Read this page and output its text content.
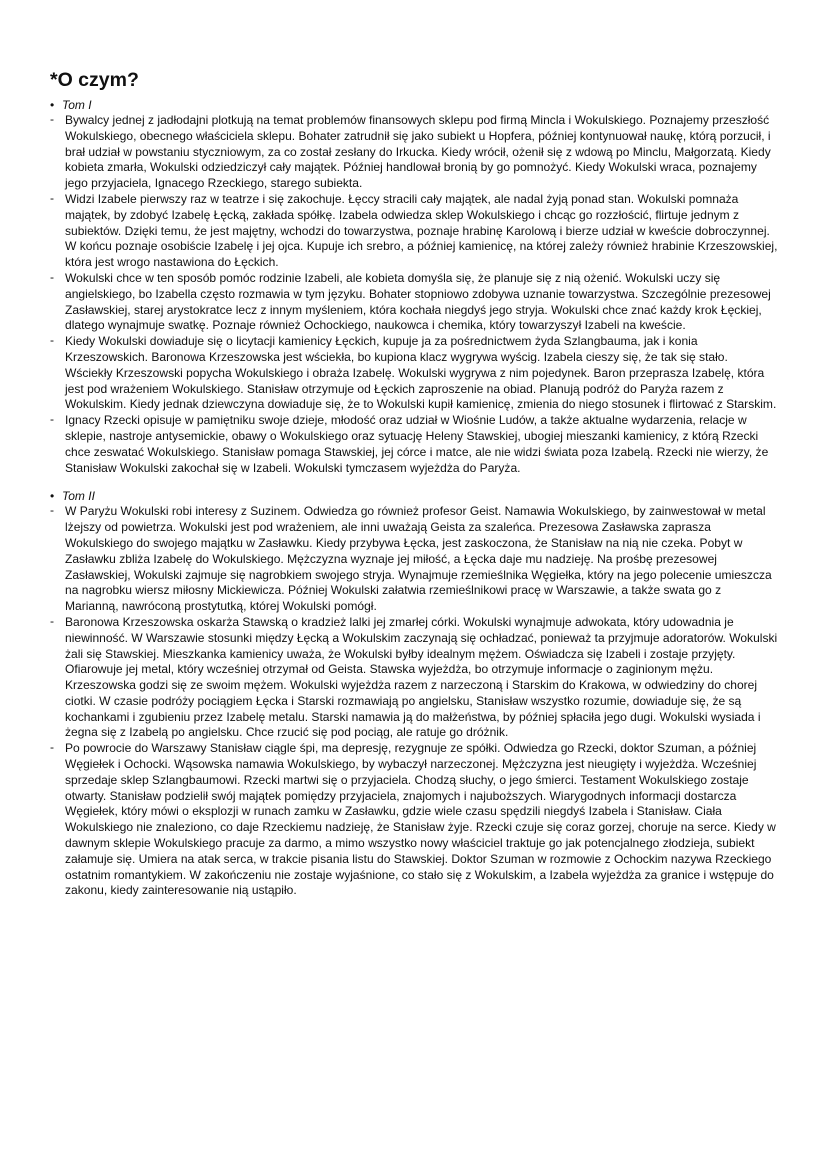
*O czym?
• Tom I
- Bywalcy jednej z jadłodajni plotkują na temat problemów finansowych sklepu pod firmą Mincla i Wokulskiego. Poznajemy przeszłość Wokulskiego, obecnego właściciela sklepu. Bohater zatrudnił się jako subiekt u Hopfera, później kontynuował naukę, którą porzucił, i brał udział w powstaniu styczniowym, za co został zesłany do Irkucka. Kiedy wrócił, ożenił się z wdową po Minclu, Małgorzatą. Kiedy kobieta zmarła, Wokulski odziedziczył cały majątek. Później handlował bronią by go pomnożyć. Kiedy Wokulski wraca, poznajemy jego przyjaciela, Ignacego Rzeckiego, starego subiekta.
- Widzi Izabele pierwszy raz w teatrze i się zakochuje. Łęccy stracili cały majątek, ale nadal żyją ponad stan. Wokulski pomnaża majątek, by zdobyć Izabelę Łęcką, zakłada spółkę. Izabela odwiedza sklep Wokulskiego i chcąc go rozzłościć, flirtuje jednym z subiektów. Dzięki temu, że jest majętny, wchodzi do towarzystwa, poznaje hrabinę Karolową i bierze udział w kweście dobroczynnej. W końcu poznaje osobiście Izabelę i jej ojca. Kupuje ich srebro, a później kamienicę, na której zależy również hrabinie Krzeszowskiej, która jest wrogo nastawiona do Łęckich.
- Wokulski chce w ten sposób pomóc rodzinie Izabeli, ale kobieta domyśla się, że planuje się z nią ożenić. Wokulski uczy się angielskiego, bo Izabella często rozmawia w tym języku. Bohater stopniowo zdobywa uznanie towarzystwa. Szczególnie prezesowej Zasławskiej, starej arystokratce lecz z innym myśleniem, która kochała niegdyś jego stryja. Wokulski chce znać każdy krok Łęckiej, dlatego wynajmuje swatkę. Poznaje również Ochockiego, naukowca i chemika, który towarzyszył Izabeli na kweście.
- Kiedy Wokulski dowiaduje się o licytacji kamienicy Łęckich, kupuje ja za pośrednictwem żyda Szlangbauma, jak i konia Krzeszowskich. Baronowa Krzeszowska jest wściekła, bo kupiona klacz wygrywa wyścig. Izabela cieszy się, że tak się stało. Wściekły Krzeszowski popycha Wokulskiego i obraża Izabelę. Wokulski wygrywa z nim pojedynek. Baron przeprasza Izabelę, która jest pod wrażeniem Wokulskiego. Stanisław otrzymuje od Łęckich zaproszenie na obiad. Planują podróż do Paryża razem z Wokulskim. Kiedy jednak dziewczyna dowiaduje się, że to Wokulski kupił kamienicę, zmienia do niego stosunek i flirtować z Starskim.
- Ignacy Rzecki opisuje w pamiętniku swoje dzieje, młodość oraz udział w Wiośnie Ludów, a także aktualne wydarzenia, relacje w sklepie, nastroje antysemickie, obawy o Wokulskiego oraz sytuację Heleny Stawskiej, ubogiej mieszanki kamienicy, z którą Rzecki chce zeswatać Wokulskiego. Stanisław pomaga Stawskiej, jej córce i matce, ale nie widzi świata poza Izabelą. Rzecki nie wierzy, że Stanisław Wokulski zakochał się w Izabeli. Wokulski tymczasem wyjeżdża do Paryża.
• Tom II
- W Paryżu Wokulski robi interesy z Suzinem. Odwiedza go również profesor Geist. Namawia Wokulskiego, by zainwestował w metal lżejszy od powietrza. Wokulski jest pod wrażeniem, ale inni uważają Geista za szaleńca. Prezesowa Zasławska zaprasza Wokulskiego do swojego majątku w Zasławku. Kiedy przybywa Łęcka, jest zaskoczona, że Stanisław na nią nie czeka. Pobyt w Zasławku zbliża Izabelę do Wokulskiego. Mężczyzna wyznaje jej miłość, a Łęcka daje mu nadzieję. Na prośbę prezesowej Zasławskiej, Wokulski zajmuje się nagrobkiem swojego stryja. Wynajmuje rzemieślnika Węgiełka, który na jego polecenie umieszcza na nagrobku wiersz miłosny Mickiewicza. Później Wokulski załatwia rzemieślnikowi pracę w Warszawie, a także swata go z Marianną, nawróconą prostytutką, której Wokulski pomógł.
- Baronowa Krzeszowska oskarża Stawską o kradzież lalki jej zmarłej córki. Wokulski wynajmuje adwokata, który udowadnia je niewinność. W Warszawie stosunki między Łęcką a Wokulskim zaczynają się ochładzać, ponieważ ta przyjmuje adoratorów. Wokulski żali się Stawskiej. Mieszkanka kamienicy uważa, że Wokulski byłby idealnym mężem. Oświadcza się Izabeli i zostaje przyjęty. Ofiarowuje jej metal, który wcześniej otrzymał od Geista. Stawska wyjeżdża, bo otrzymuje informacje o zaginionym mężu. Krzeszowska godzi się ze swoim mężem. Wokulski wyjeżdża razem z narzeczoną i Starskim do Krakowa, w odwiedziny do chorej ciotki. W czasie podróży pociągiem Łęcka i Starski rozmawiają po angielsku, Stanisław wszystko rozumie, dowiaduje się, że są kochankami i zgubieniu przez Izabelę metalu. Starski namawia ją do małżeństwa, by później spłaciła jego dugi. Wokulski wysiada i żegna się z Izabelą po angielsku. Chce rzucić się pod pociąg, ale ratuje go dróżnik.
- Po powrocie do Warszawy Stanisław ciągle śpi, ma depresję, rezygnuje ze spółki. Odwiedza go Rzecki, doktor Szuman, a później Węgiełek i Ochocki. Wąsowska namawia Wokulskiego, by wybaczył narzeczonej. Mężczyzna jest nieugięty i wyjeżdża. Wcześniej sprzedaje sklep Szlangbaumowi. Rzecki martwi się o przyjaciela. Chodzą słuchy, o jego śmierci. Testament Wokulskiego zostaje otwarty. Stanisław podzielił swój majątek pomiędzy przyjaciela, znajomych i najuboższych. Wiarygodnych informacji dostarcza Węgiełek, który mówi o eksplozji w runach zamku w Zasławku, gdzie wiele czasu spędzili niegdyś Izabela i Stanisław. Ciała Wokulskiego nie znaleziono, co daje Rzeckiemu nadzieję, że Stanisław żyje. Rzecki czuje się coraz gorzej, choruje na serce. Kiedy w dawnym sklepie Wokulskiego pracuje za darmo, a mimo wszystko nowy właściciel traktuje go jak potencjalnego złodzieja, subiekt załamuje się. Umiera na atak serca, w trakcie pisania listu do Stawskiej. Doktor Szuman w rozmowie z Ochockim nazywa Rzeckiego ostatnim romantykiem. W zakończeniu nie zostaje wyjaśnione, co stało się z Wokulskim, a Izabela wyjeżdża za granice i wstępuje do zakonu, kiedy zainteresowanie nią ustąpiło.
